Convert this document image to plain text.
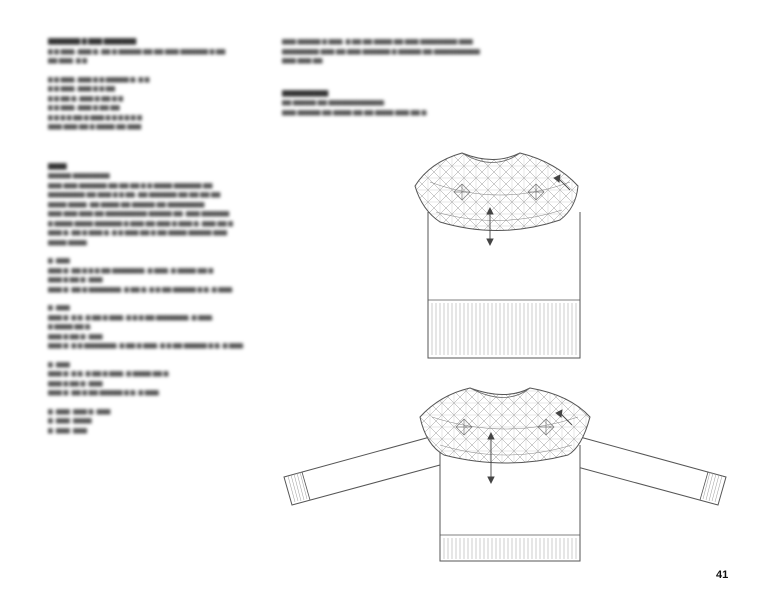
▇▇▇▇▇▇▇ ▇ ▇▇▇ ▇▇▇▇▇▇▇
▆ ▆ ▆▆▆, ▆▆▆ ▆, ▆▆ ▆ ▆▆▆▆▆ ▆▆ ▆▆ ▆▆▆ ▆▆▆▆▆▆ ▆ ▆▆
▆▆ ▆▆▆, ▆ ▆
▆ ▆ ▆▆▆, ▆▆▆ ▆ ▆ ▆▆▆▆▆ ▆, ▆ ▆
▆ ▆ ▆▆▆, ▆▆▆ ▆ ▆ ▆▆
▆ ▆ ▆▆ ▆, ▆▆▆ ▆ ▆▆ ▆ ▆
▆ ▆ ▆▆▆, ▆▆▆ ▆ ▆▆ ▆▆
▆ ▆ ▆ ▆ ▆▆ ▆ ▆▆▆ ▆ ▆ ▆ ▆ ▆ ▆
▆▆▆ ▆▆▆ ▆▆ ▆ ▆▆▆▆ ▆▆ ▆▆▆
▇▇▇▇
▆▆▆▆▆ ▆▆▆▆▆▆▆▆
▆▆▆ ▆▆▆ ▆▆▆▆▆▆ ▆▆ ▆▆ ▆▆ ▆ ▆ ▆▆▆▆ ▆▆▆▆▆▆ ▆▆
▆▆▆▆▆▆▆▆ ▆▆ ▆▆▆ ▆ ▆ ▆▆, ▆▆ ▆▆▆▆▆▆ ▆▆ ▆▆ ▆▆ ▆▆
▆▆▆▆ ▆▆▆▆. ▆▆ ▆▆▆▆ ▆▆ ▆▆▆▆▆ ▆▆ ▆▆▆▆▆▆▆▆
▆▆▆ ▆▆▆ ▆▆▆ ▆▆ ▆▆▆▆▆▆▆▆▆ ▆▆▆▆▆ ▆▆. ▆▆▆ ▆▆▆▆▆▆
▆ ▆▆▆▆ ▆▆▆▆ ▆▆▆▆▆▆ ▆ ▆▆▆ ▆▆ ▆▆▆ ▆ ▆▆▆ ▆, ▆▆▆ ▆▆ ▆
▆▆▆ ▆, ▆▆ ▆ ▆▆▆ ▆, ▆ ▆ ▆▆▆ ▆▆ ▆ ▆▆ ▆▆▆▆ ▆▆▆▆▆ ▆▆▆
▆▆▆▆ ▆▆▆▆.
▆. ▆▆▆
▆▆▆ ▆: ▆▆ ▆ ▆ ▆ ▆▆ ▆▆▆▆▆▆▆, ▆ ▆▆▆, ▆ ▆▆▆▆ ▆▆ ▆
▆▆▆ ▆ ▆▆ ▆: ▆▆▆
▆▆▆ ▆: ▆▆ ▆ ▆▆▆▆▆▆▆, ▆ ▆▆ ▆, ▆ ▆ ▆▆ ▆▆▆▆▆ ▆ ▆, ▆ ▆▆▆.
▆. ▆▆▆
▆▆▆ ▆: ▆ ▆, ▆ ▆▆ ▆ ▆▆▆, ▆ ▆ ▆ ▆▆ ▆▆▆▆▆▆▆, ▆ ▆▆▆,
▆ ▆▆▆▆ ▆▆ ▆,
▆▆▆ ▆ ▆▆ ▆: ▆▆▆
▆▆▆ ▆: ▆ ▆ ▆▆▆▆▆▆▆, ▆ ▆▆ ▆ ▆▆▆, ▆ ▆ ▆▆ ▆▆▆▆▆ ▆ ▆, ▆ ▆▆▆.
▆. ▆▆▆
▆▆▆ ▆: ▆ ▆, ▆ ▆▆ ▆ ▆▆▆, ▆ ▆▆▆▆ ▆▆ ▆.
▆▆▆ ▆ ▆▆ ▆: ▆▆▆
▆▆▆ ▆: ▆▆ ▆ ▆▆ ▆▆▆▆▆ ▆ ▆, ▆ ▆▆▆.
▆. ▆▆▆: ▆▆▆ ▆. ▆▆▆
▆. ▆▆▆: ▆▆▆▆
▆. ▆▆▆: ▆▆▆
▆▆▆ ▆▆▆▆▆ ▆ ▆▆▆, ▆ ▆▆ ▆▆ ▆▆▆▆ ▆▆ ▆▆▆ ▆▆▆▆▆▆▆▆ ▆▆▆
▆▆▆▆▆▆▆▆ ▆▆▆ ▆▆ ▆▆▆ ▆▆▆▆▆▆ ▆ ▆▆▆▆▆ ▆▆ ▆▆▆▆▆▆▆▆▆▆
▆▆▆ ▆▆▆ ▆▆.
▇▇▇▇▇▇▇▇▇▇
▆▆ ▆▆▆▆▆ ▆▆ ▆▆▆▆▆▆▆▆▆▆▆▆.
▆▆▆ ▆▆▆▆▆ ▆▆ ▆▆▆▆ ▆▆ ▆▆ ▆▆▆▆ ▆▆▆ ▆▆ ▆.
41
